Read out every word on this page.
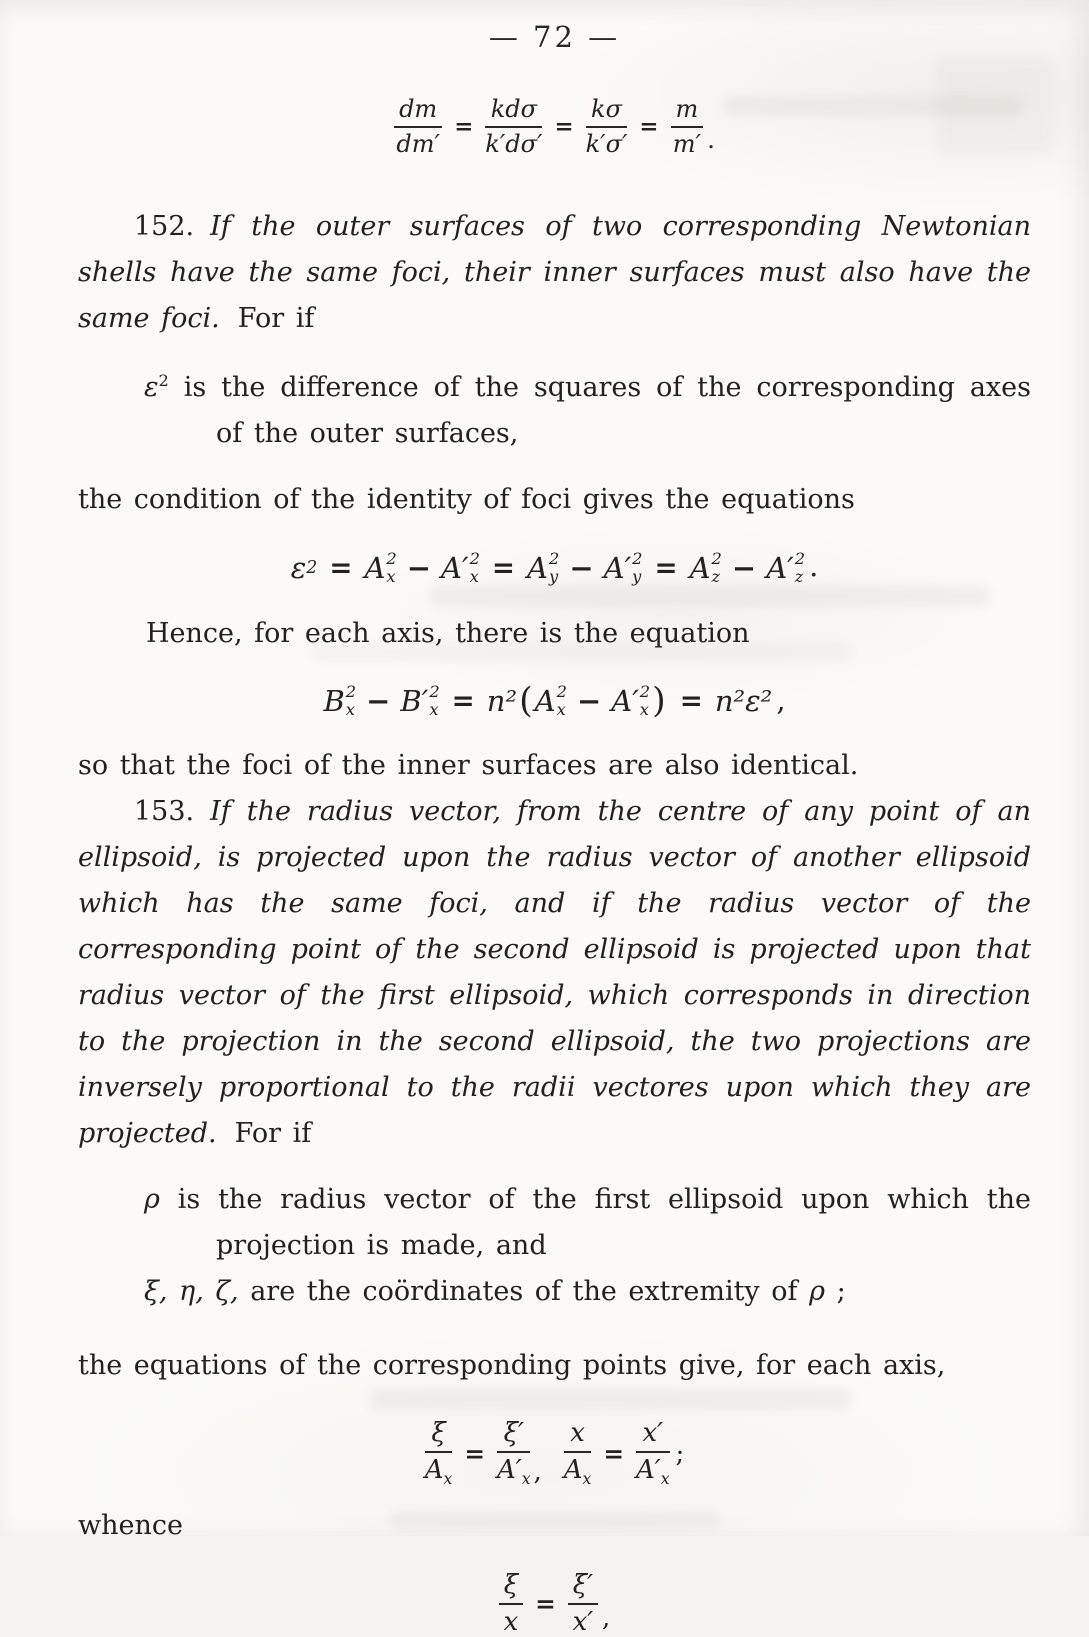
— 72 —
$\frac{dm}{dm'} = \frac{\text{kdσ}}{k'd\sigma'} = \frac{k\sigma}{k'\sigma'} = \frac{m}{m'}$ .

152. If the outer surfaces of two corresponding Newtonian shells have the same foci, their inner surfaces must also have the same foci. For if

$\varepsilon^2$ is the difference of the squares of the corresponding axes of the outer surfaces,

the condition of the identity of foci gives the equations

ε 2 = A 2
x − A′ 2
x = A 2
y − A′ 2
y = A 2
z − A′ 2
z .

Hence, for each axis, there is the equation

B 2
x − B′ 2
x = n² ( A 2
x − A′ 2
x ) = n²ε² ,

so that the foci of the inner surfaces are also identical.

153. If the radius vector, from the centre of any point of an ellipsoid, is projected upon the radius vector of another ellipsoid which has the same foci, and if the radius vector of the corresponding point of the second ellipsoid is projected upon that radius vector of the first ellipsoid, which corresponds in direction to the projection in the second ellipsoid, the two projections are inversely proportional to the radii vectores upon which they are projected. For if

ρ is the radius vector of the first ellipsoid upon which the projection is made, and
ξ, η, ζ, are the coördinates of the extremity of ρ ;

the equations of the corresponding points give, for each axis,

$\frac{\xi}{A_x} = \frac{\xi'}{A'_x}$ , $\frac{x}{A_x} = \frac{x'}{A'_x}$ ;

whence

$\frac{\xi}{x} = \frac{\xi'}{x'}$ ,
